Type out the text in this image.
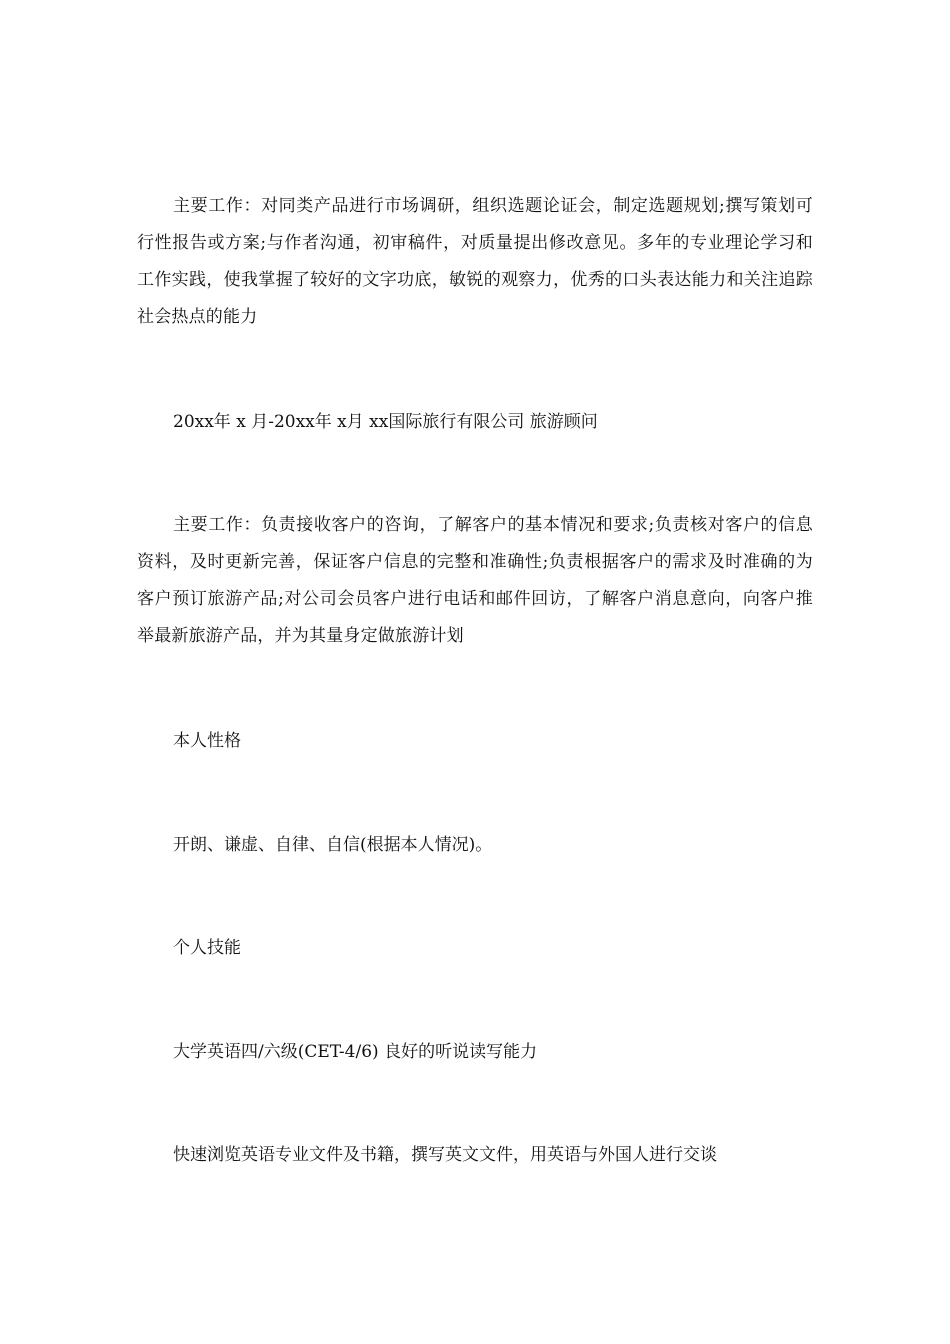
主要工作：对同类产品进行市场调研，组织选题论证会，制定选题规划;撰写策划可行性报告或方案;与作者沟通，初审稿件，对质量提出修改意见。多年的专业理论学习和工作实践，使我掌握了较好的文字功底，敏锐的观察力，优秀的口头表达能力和关注追踪社会热点的能力

20xx年 x 月-20xx年 x月 xx国际旅行有限公司 旅游顾问

主要工作：负责接收客户的咨询，了解客户的基本情况和要求;负责核对客户的信息资料，及时更新完善，保证客户信息的完整和准确性;负责根据客户的需求及时准确的为客户预订旅游产品;对公司会员客户进行电话和邮件回访，了解客户消息意向，向客户推举最新旅游产品，并为其量身定做旅游计划

本人性格
开朗、谦虚、自律、自信(根据本人情况)。
个人技能
大学英语四/六级(CET-4/6) 良好的听说读写能力
快速浏览英语专业文件及书籍，撰写英文文件，用英语与外国人进行交谈
